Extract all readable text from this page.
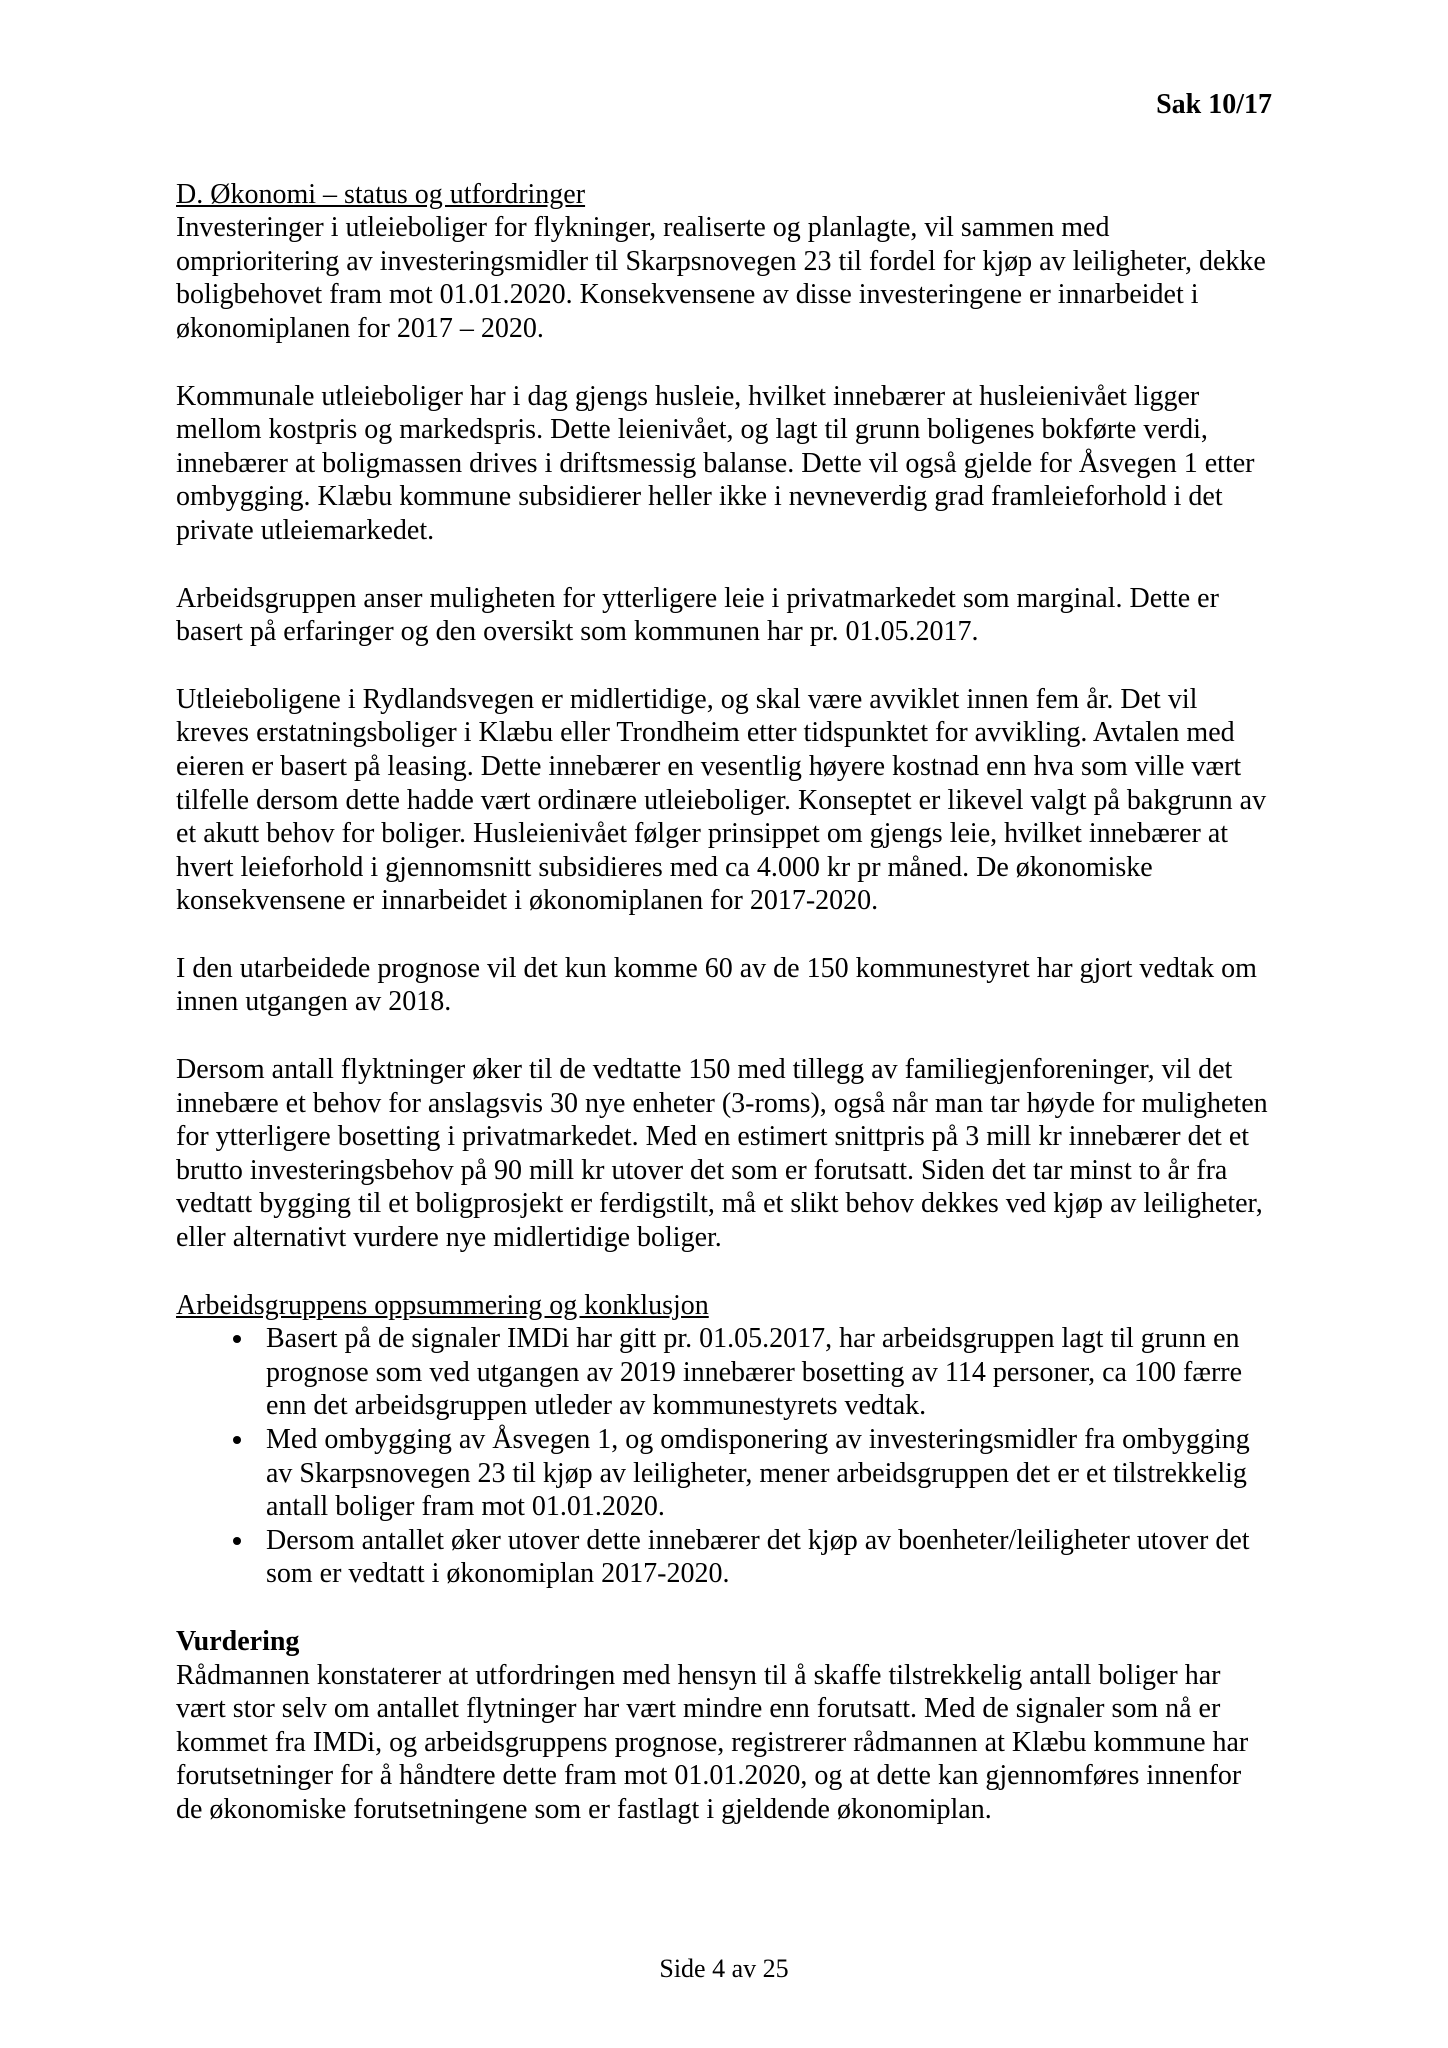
Sak 10/17
D. Økonomi – status og utfordringer

Investeringer i utleieboliger for flykninger, realiserte og planlagte, vil sammen med omprioritering av investeringsmidler til Skarpsnovegen 23 til fordel for kjøp av leiligheter, dekke boligbehovet fram mot 01.01.2020. Konsekvensene av disse investeringene er innarbeidet i økonomiplanen for 2017 – 2020.

Kommunale utleieboliger har i dag gjengs husleie, hvilket innebærer at husleienivået ligger mellom kostpris og markedspris. Dette leienivået, og lagt til grunn boligenes bokførte verdi, innebærer at boligmassen drives i driftsmessig balanse. Dette vil også gjelde for Åsvegen 1 etter ombygging. Klæbu kommune subsidierer heller ikke i nevneverdig grad framleieforhold i det private utleiemarkedet.

Arbeidsgruppen anser muligheten for ytterligere leie i privatmarkedet som marginal. Dette er basert på erfaringer og den oversikt som kommunen har pr. 01.05.2017.

Utleieboligene i Rydlandsvegen er midlertidige, og skal være avviklet innen fem år. Det vil kreves erstatningsboliger i Klæbu eller Trondheim etter tidspunktet for avvikling. Avtalen med eieren er basert på leasing. Dette innebærer en vesentlig høyere kostnad enn hva som ville vært tilfelle dersom dette hadde vært ordinære utleieboliger. Konseptet er likevel valgt på bakgrunn av et akutt behov for boliger. Husleienivået følger prinsippet om gjengs leie, hvilket innebærer at hvert leieforhold i gjennomsnitt subsidieres med ca 4.000 kr pr måned. De økonomiske konsekvensene er innarbeidet i økonomiplanen for 2017-2020.

I den utarbeidede prognose vil det kun komme 60 av de 150 kommunestyret har gjort vedtak om innen utgangen av 2018.

Dersom antall flyktninger øker til de vedtatte 150 med tillegg av familiegjenforeninger, vil det innebære et behov for anslagsvis 30 nye enheter (3-roms), også når man tar høyde for muligheten for ytterligere bosetting i privatmarkedet. Med en estimert snittpris på 3 mill kr innebærer det et brutto investeringsbehov på 90 mill kr utover det som er forutsatt. Siden det tar minst to år fra vedtatt bygging til et boligprosjekt er ferdigstilt, må et slikt behov dekkes ved kjøp av leiligheter, eller alternativt vurdere nye midlertidige boliger.

Arbeidsgruppens oppsummering og konklusjon
• Basert på de signaler IMDi har gitt pr. 01.05.2017, har arbeidsgruppen lagt til grunn en prognose som ved utgangen av 2019 innebærer bosetting av 114 personer, ca 100 færre enn det arbeidsgruppen utleder av kommunestyrets vedtak.
• Med ombygging av Åsvegen 1, og omdisponering av investeringsmidler fra ombygging av Skarpsnovegen 23 til kjøp av leiligheter, mener arbeidsgruppen det er et tilstrekkelig antall boliger fram mot 01.01.2020.
• Dersom antallet øker utover dette innebærer det kjøp av boenheter/leiligheter utover det som er vedtatt i økonomiplan 2017-2020.
Vurdering

Rådmannen konstaterer at utfordringen med hensyn til å skaffe tilstrekkelig antall boliger har vært stor selv om antallet flytninger har vært mindre enn forutsatt. Med de signaler som nå er kommet fra IMDi, og arbeidsgruppens prognose, registrerer rådmannen at Klæbu kommune har forutsetninger for å håndtere dette fram mot 01.01.2020, og at dette kan gjennomføres innenfor de økonomiske forutsetningene som er fastlagt i gjeldende økonomiplan.

Side 4 av 25
